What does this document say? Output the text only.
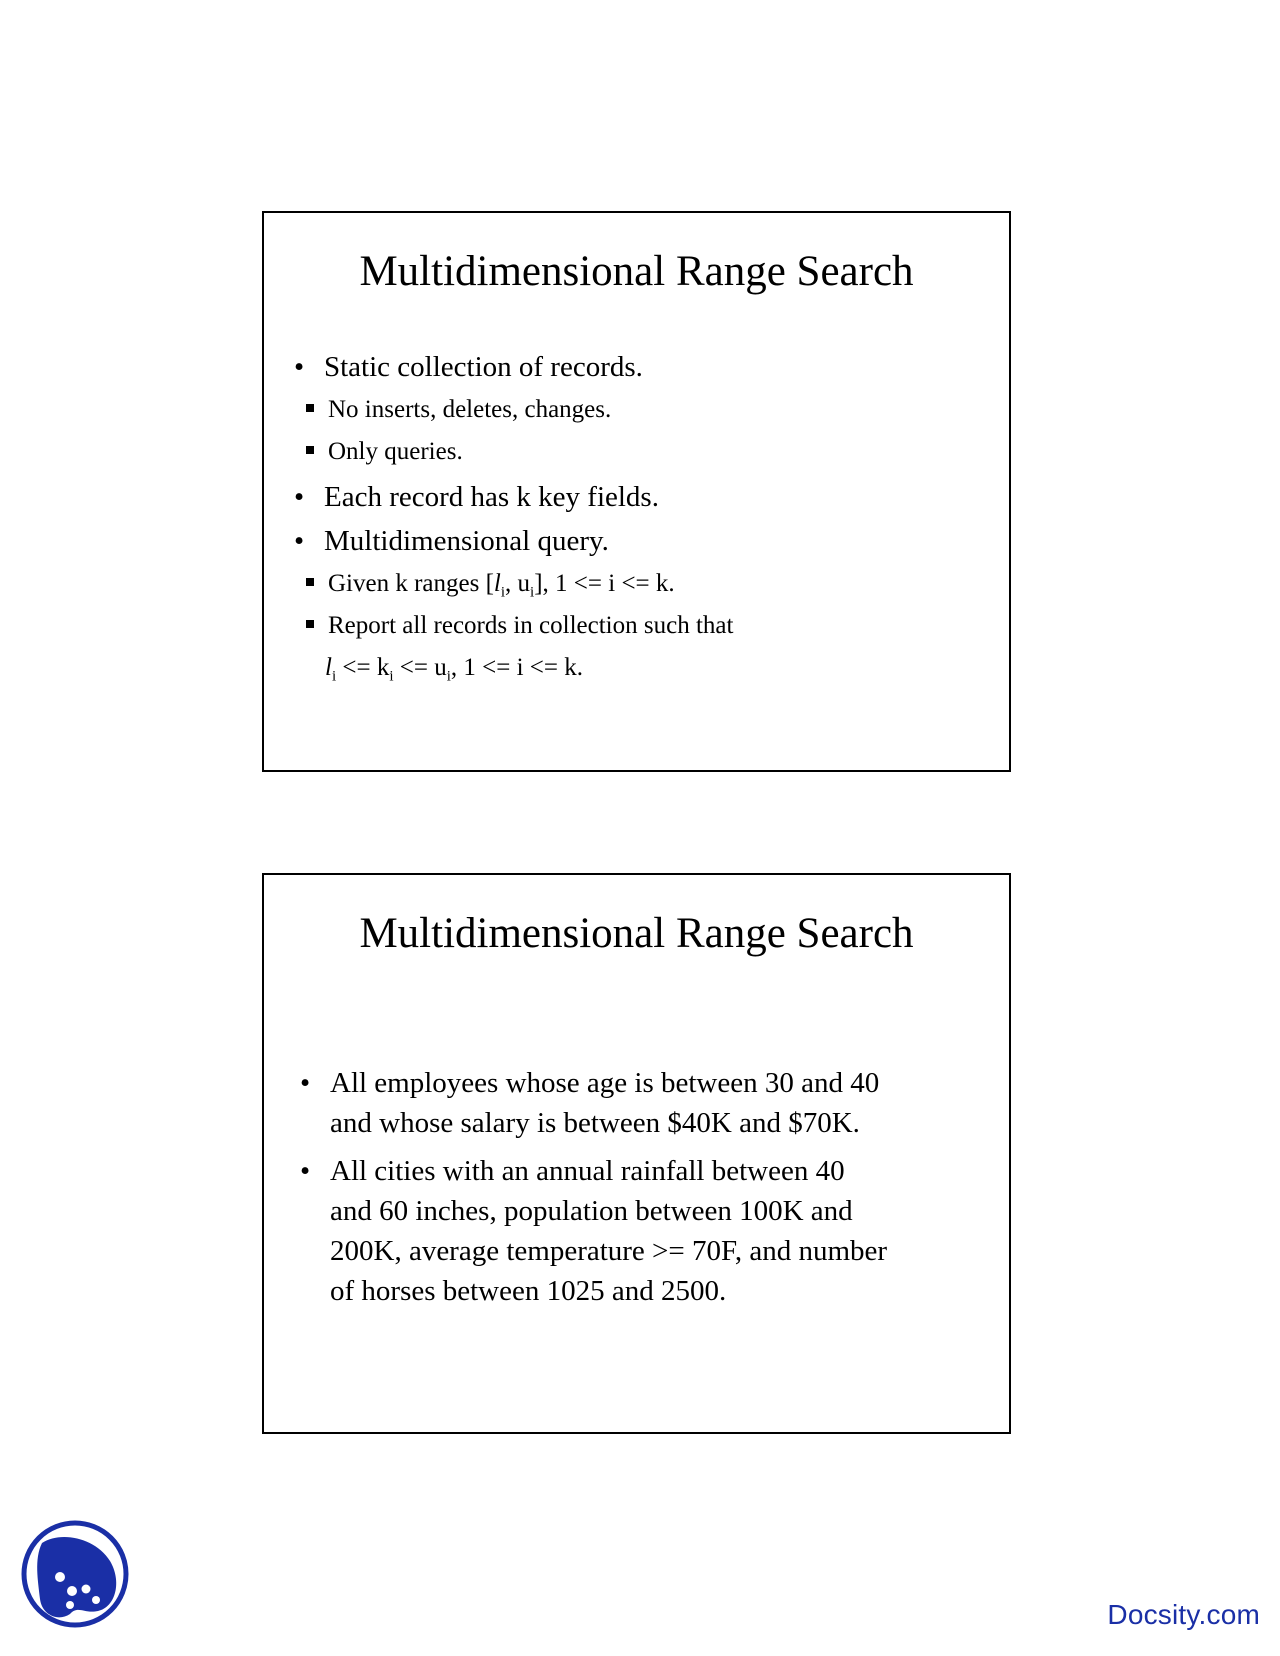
Multidimensional Range Search
• Static collection of records.
No inserts, deletes, changes.
Only queries.
• Each record has k key fields.
• Multidimensional query.
Given k ranges [$l_i$, $u_i$], 1 <= i <= k.
Report all records in collection such that
$l_i <= k_i <= u_i$, 1 <= i <= k.
Multidimensional Range Search
• All employees whose age is between 30 and 40
and whose salary is between $40K and $70K.
• All cities with an annual rainfall between 40
and 60 inches, population between 100K and
200K, average temperature >= 70F, and number
of horses between 1025 and 2500.
Docsity.com
